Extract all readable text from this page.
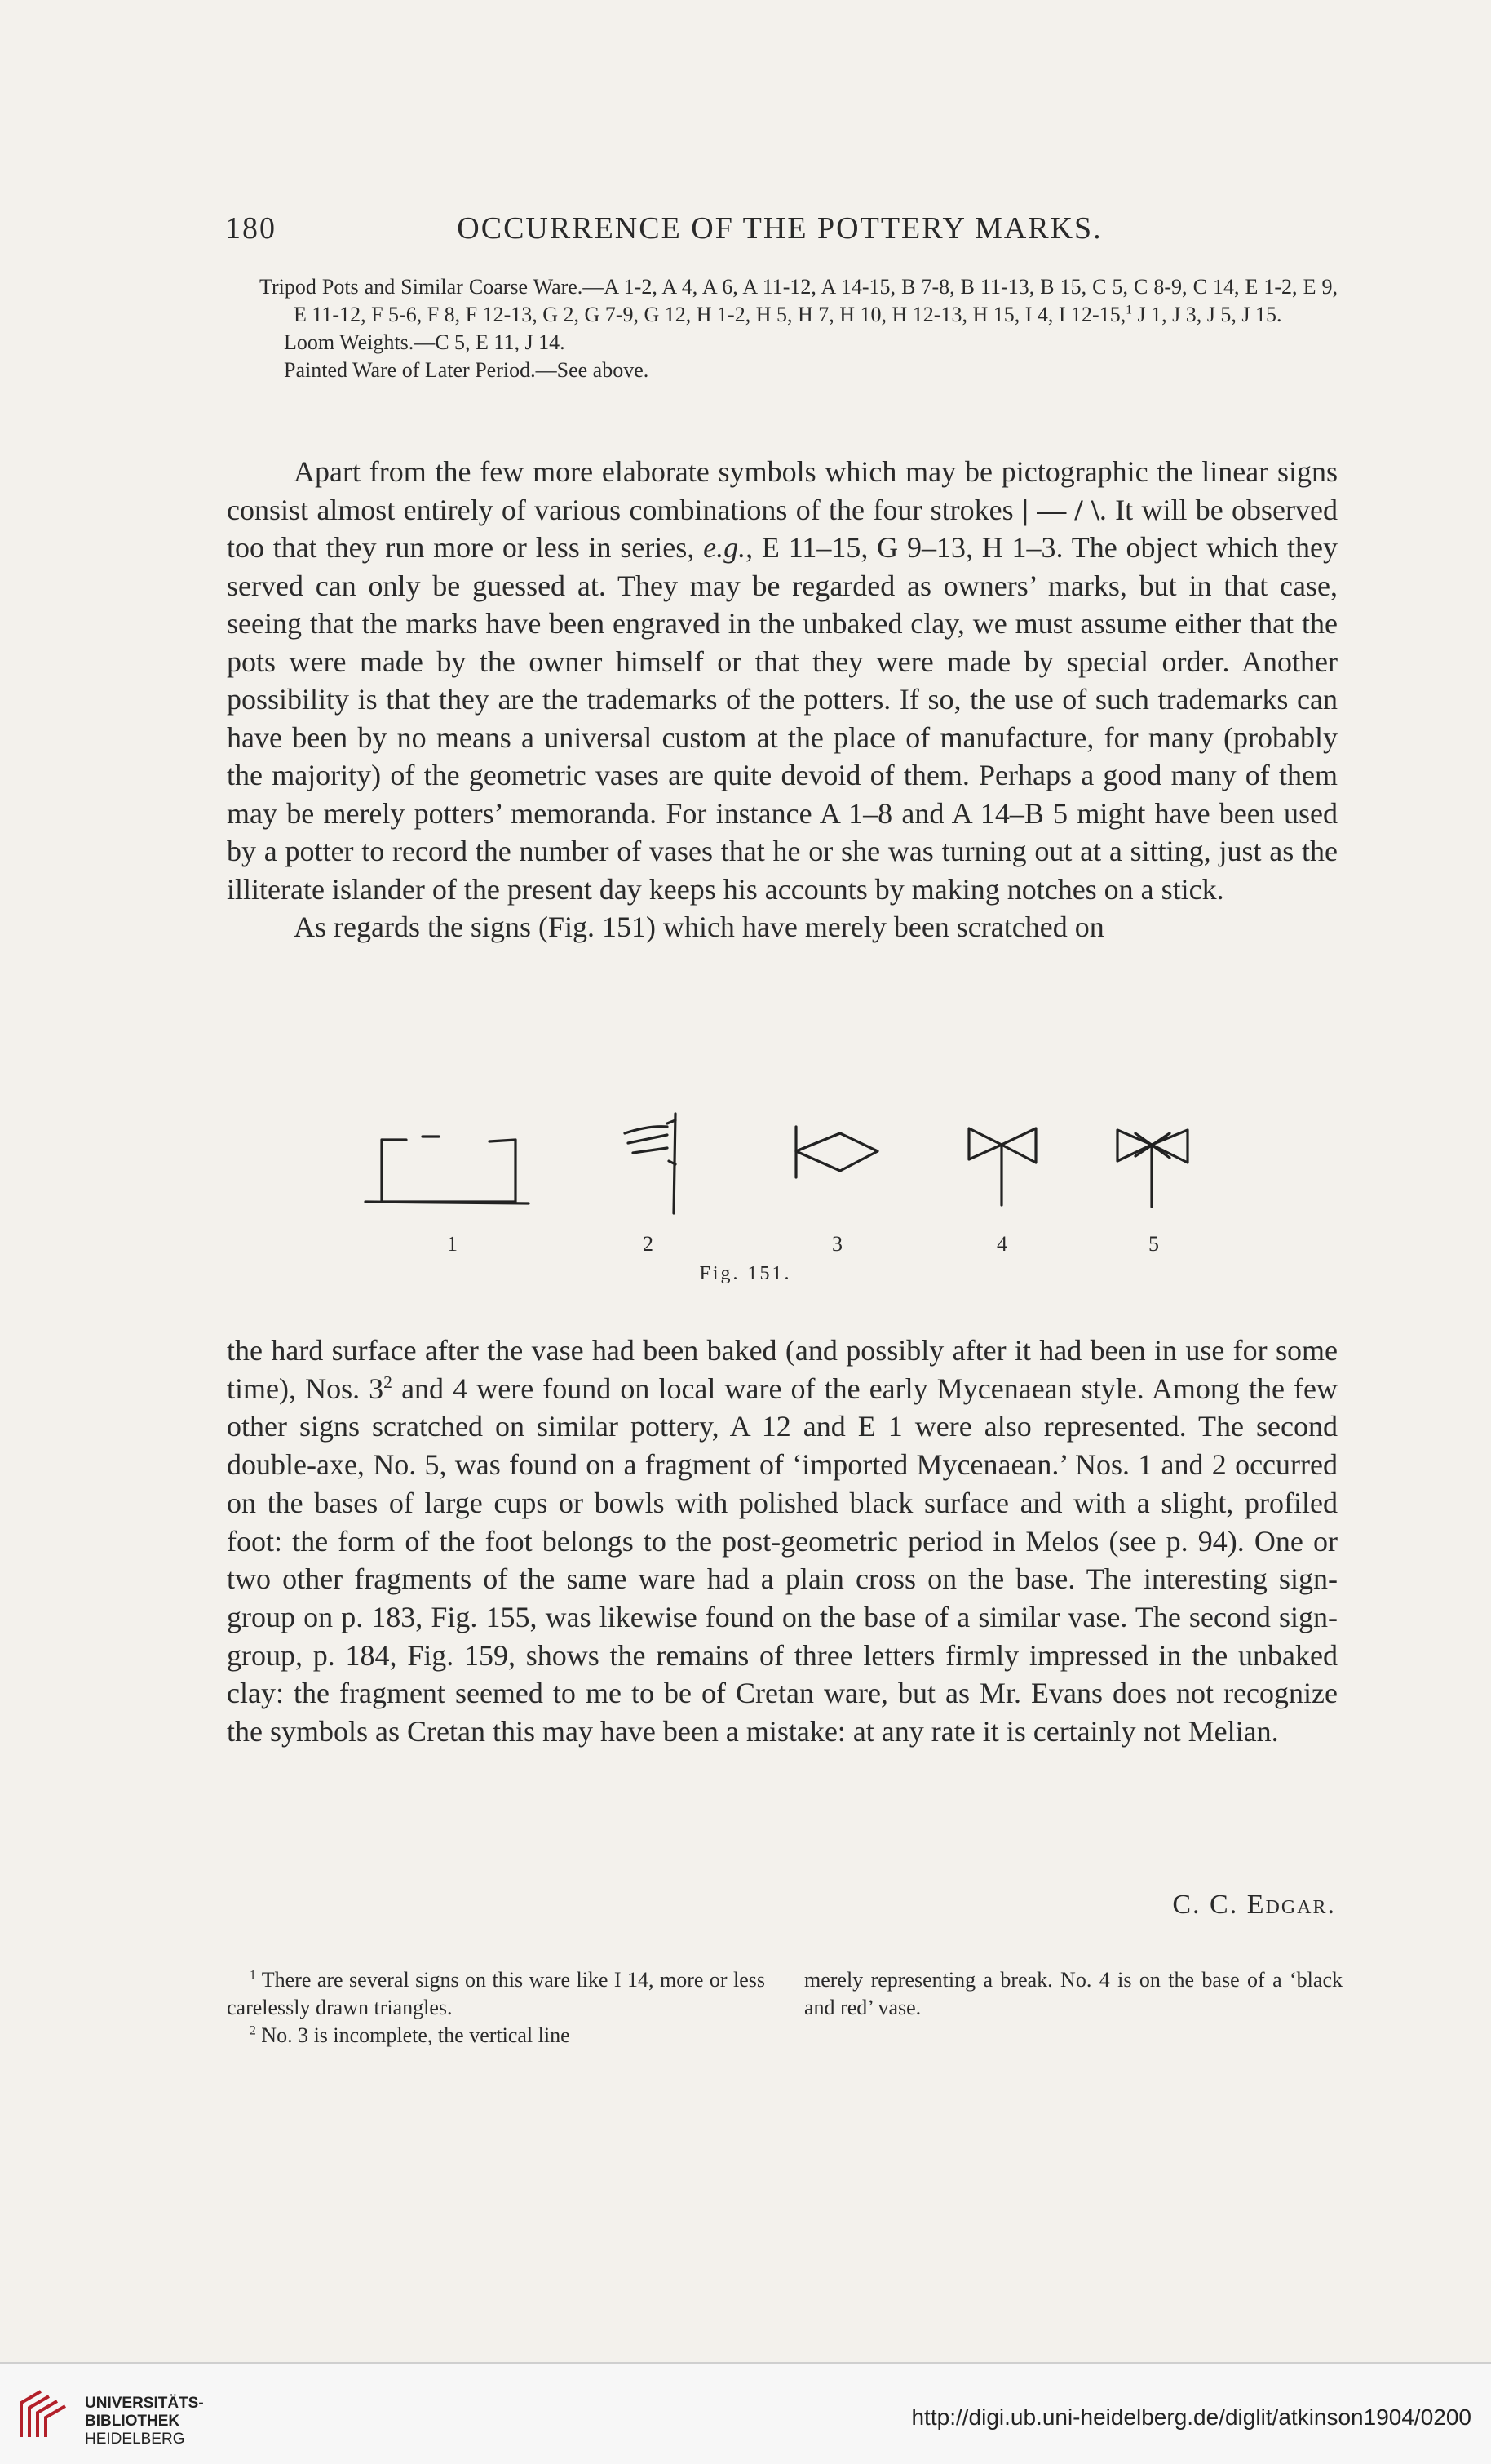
180	OCCURRENCE OF THE POTTERY MARKS.

Tripod Pots and Similar Coarse Ware.—A 1-2, A 4, A 6, A 11-12, A 14-15, B 7-8, B 11-13, B 15, C 5, C 8-9, C 14, E 1-2, E 9, E 11-12, F 5-6, F 8, F 12-13, G 2, G 7-9, G 12, H 1-2, H 5, H 7, H 10, H 12-13, H 15, I 4, I 12-15,$^1$ J 1, J 3, J 5, J 15.

Loom Weights.—C 5, E 11, J 14.

Painted Ware of Later Period.—See above.

Apart from the few more elaborate symbols which may be pictographic the linear signs consist almost entirely of various combinations of the four strokes | — / \. It will be observed too that they run more or less in series, e.g., E 11–15, G 9–13, H 1–3. The object which they served can only be guessed at. They may be regarded as owners’ marks, but in that case, seeing that the marks have been engraved in the unbaked clay, we must assume either that the pots were made by the owner himself or that they were made by special order. Another possibility is that they are the trademarks of the potters. If so, the use of such trademarks can have been by no means a universal custom at the place of manufacture, for many (probably the majority) of the geometric vases are quite devoid of them. Perhaps a good many of them may be merely potters’ memoranda. For instance A 1–8 and A 14–B 5 might have been used by a potter to record the number of vases that he or she was turning out at a sitting, just as the illiterate islander of the present day keeps his accounts by making notches on a stick.

As regards the signs (Fig. 151) which have merely been scratched on

1	2	3	4	5
Fig. 151.

the hard surface after the vase had been baked (and possibly after it had been in use for some time), Nos. $3^2$ and 4 were found on local ware of the early Mycenaean style. Among the few other signs scratched on similar pottery, A 12 and E 1 were also represented. The second double-axe, No. 5, was found on a fragment of ‘imported Mycenaean.’ Nos. 1 and 2 occurred on the bases of large cups or bowls with polished black surface and with a slight, profiled foot: the form of the foot belongs to the post-geometric period in Melos (see p. 94). One or two other fragments of the same ware had a plain cross on the base. The interesting sign-group on p. 183, Fig. 155, was likewise found on the base of a similar vase. The second sign-group, p. 184, Fig. 159, shows the remains of three letters firmly impressed in the unbaked clay: the fragment seemed to me to be of Cretan ware, but as Mr. Evans does not recognize the symbols as Cretan this may have been a mistake: at any rate it is certainly not Melian.

C. C. Edgar.

$^1$ There are several signs on this ware like I 14, more or less carelessly drawn triangles.

$^2$ No. 3 is incomplete, the vertical line

merely representing a break. No. 4 is on the base of a ‘black and red’ vase.

UNIVERSITÄTS-
BIBLIOTHEK
HEIDELBERG
http://digi.ub.uni-heidelberg.de/diglit/atkinson1904/0200
